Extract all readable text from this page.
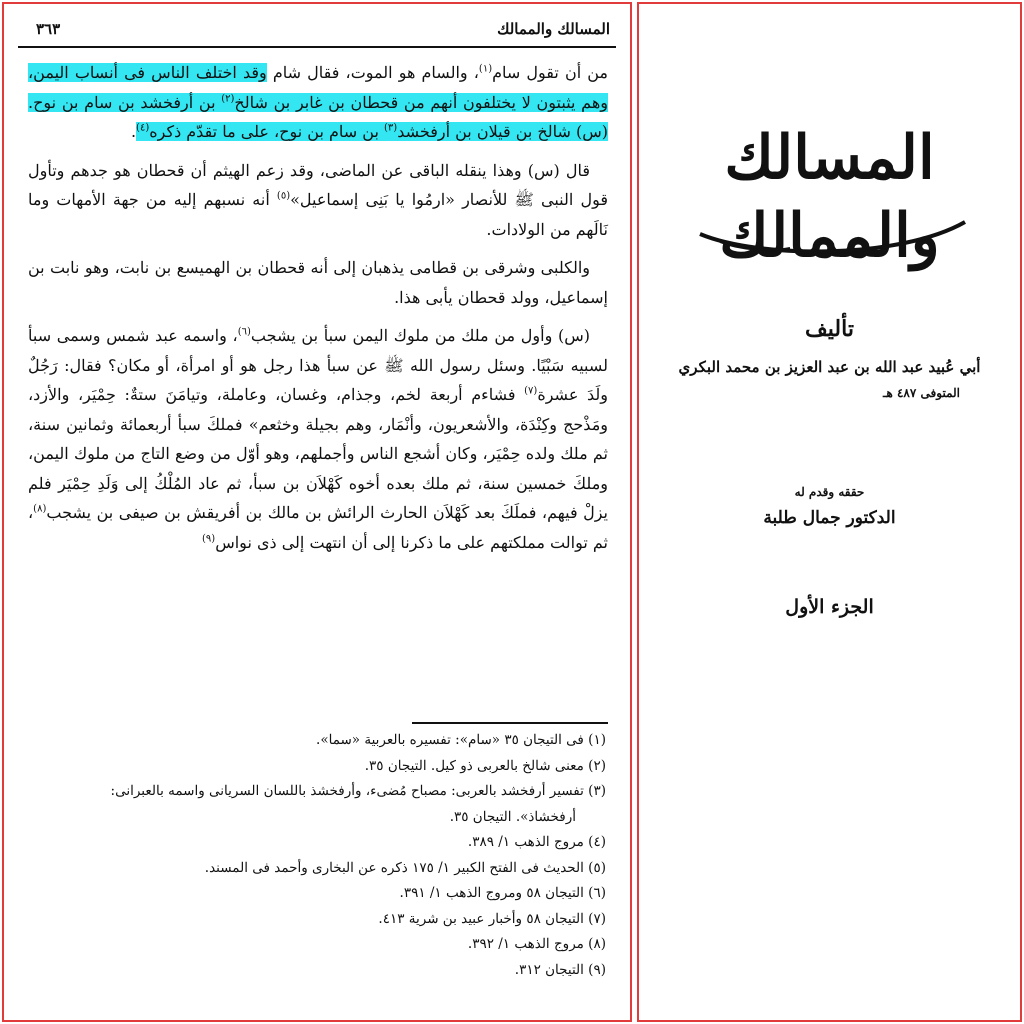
٣٦٣	المسالك والممالك

من أن تقول سام$^{(١)}$، والسام هو الموت، فقال شام وقد اختلف الناس فى أنساب اليمن، وهم يثبتون لا يختلفون أنهم من قحطان بن غابر بن شالخ$^{(٢)}$ بن أرفخشد بن سام بن نوح. (س) شالخ بن قيلان بن أرفخشد$^{(٣)}$ بن سام بن نوح، على ما تقدّم ذكره$^{(٤)}$.

قال (س) وهذا ينقله الباقى عن الماضى، وقد زعم الهيثم أن قحطان هو جدهم وتأول قول النبى ﷺ للأنصار «ارمُوا يا بَنِى إسماعيل»$^{(٥)}$ أنه نسبهم إليه من جهة الأمهات وما نَالَهم من الولادات.

والكلبى وشرقى بن قطامى يذهبان إلى أنه قحطان بن الهميسع بن نابت، وهو نابت بن إسماعيل، وولد قحطان يأبى هذا.

(س) وأول من ملك من ملوك اليمن سبأ بن يشجب$^{(٦)}$، واسمه عبد شمس وسمى سبأ لسبيه سَبْيًا. وسئل رسول الله ﷺ عن سبأ هذا رجل هو أو امرأة، أو مكان؟ فقال: رَجُلٌ ولَدَ عشرة$^{(٧)}$ فشاءم أربعة لخم، وجذام، وغسان، وعاملة، وتيامَنَ ستةٌ: حِمْيَر، والأزد، ومَذْحج وكِنْدَة، والأشعريون، وأنْمَار، وهم بجيلة وخثعم» فملكَ سبأ أربعمائة وثمانين سنة، ثم ملك ولده حِمْيَر، وكان أشجع الناس وأجملهم، وهو أوّل من وضع التاج من ملوك اليمن، وملكَ خمسين سنة، ثم ملك بعده أخوه كَهْلاَن بن سبأ، ثم عاد المُلْكُ إلى وَلَدِ حِمْيَر فلم يزلْ فيهم، فملَكَ بعد كَهْلاَن الحارث الرائش بن مالك بن أفريقش بن صيفى بن يشجب$^{(٨)}$، ثم توالت مملكتهم على ما ذكرنا إلى أن انتهت إلى ذى نواس$^{(٩)}$

(١) فى التيجان ٣٥ «سام»: تفسيره بالعربية «سما».

(٢) معنى شالخ بالعربى ذو كيل. التيجان ٣٥.

(٣) تفسير أرفخشد بالعربى: مصباح مُضىء، وأرفخشذ باللسان السريانى واسمه بالعبرانى:

أرفخشاذ». التيجان ٣٥.

(٤) مروج الذهب ١/ ٣٨٩.

(٥) الحديث فى الفتح الكبير ١/ ١٧٥ ذكره عن البخارى وأحمد فى المسند.

(٦) التيجان ٥٨ ومروج الذهب ١/ ٣٩١.

(٧) التيجان ٥٨ وأخبار عبيد بن شرية ٤١٣.

(٨) مروج الذهب ١/ ٣٩٢.

(٩) التيجان ٣١٢.

المسالك والممالك
تأليف
أبي عُبيد عبد الله بن عبد العزيز بن محمد البكري
المتوفى ٤٨٧ هـ
حققه وقدم له
الدكتور جمال طلبة
الجزء الأول
